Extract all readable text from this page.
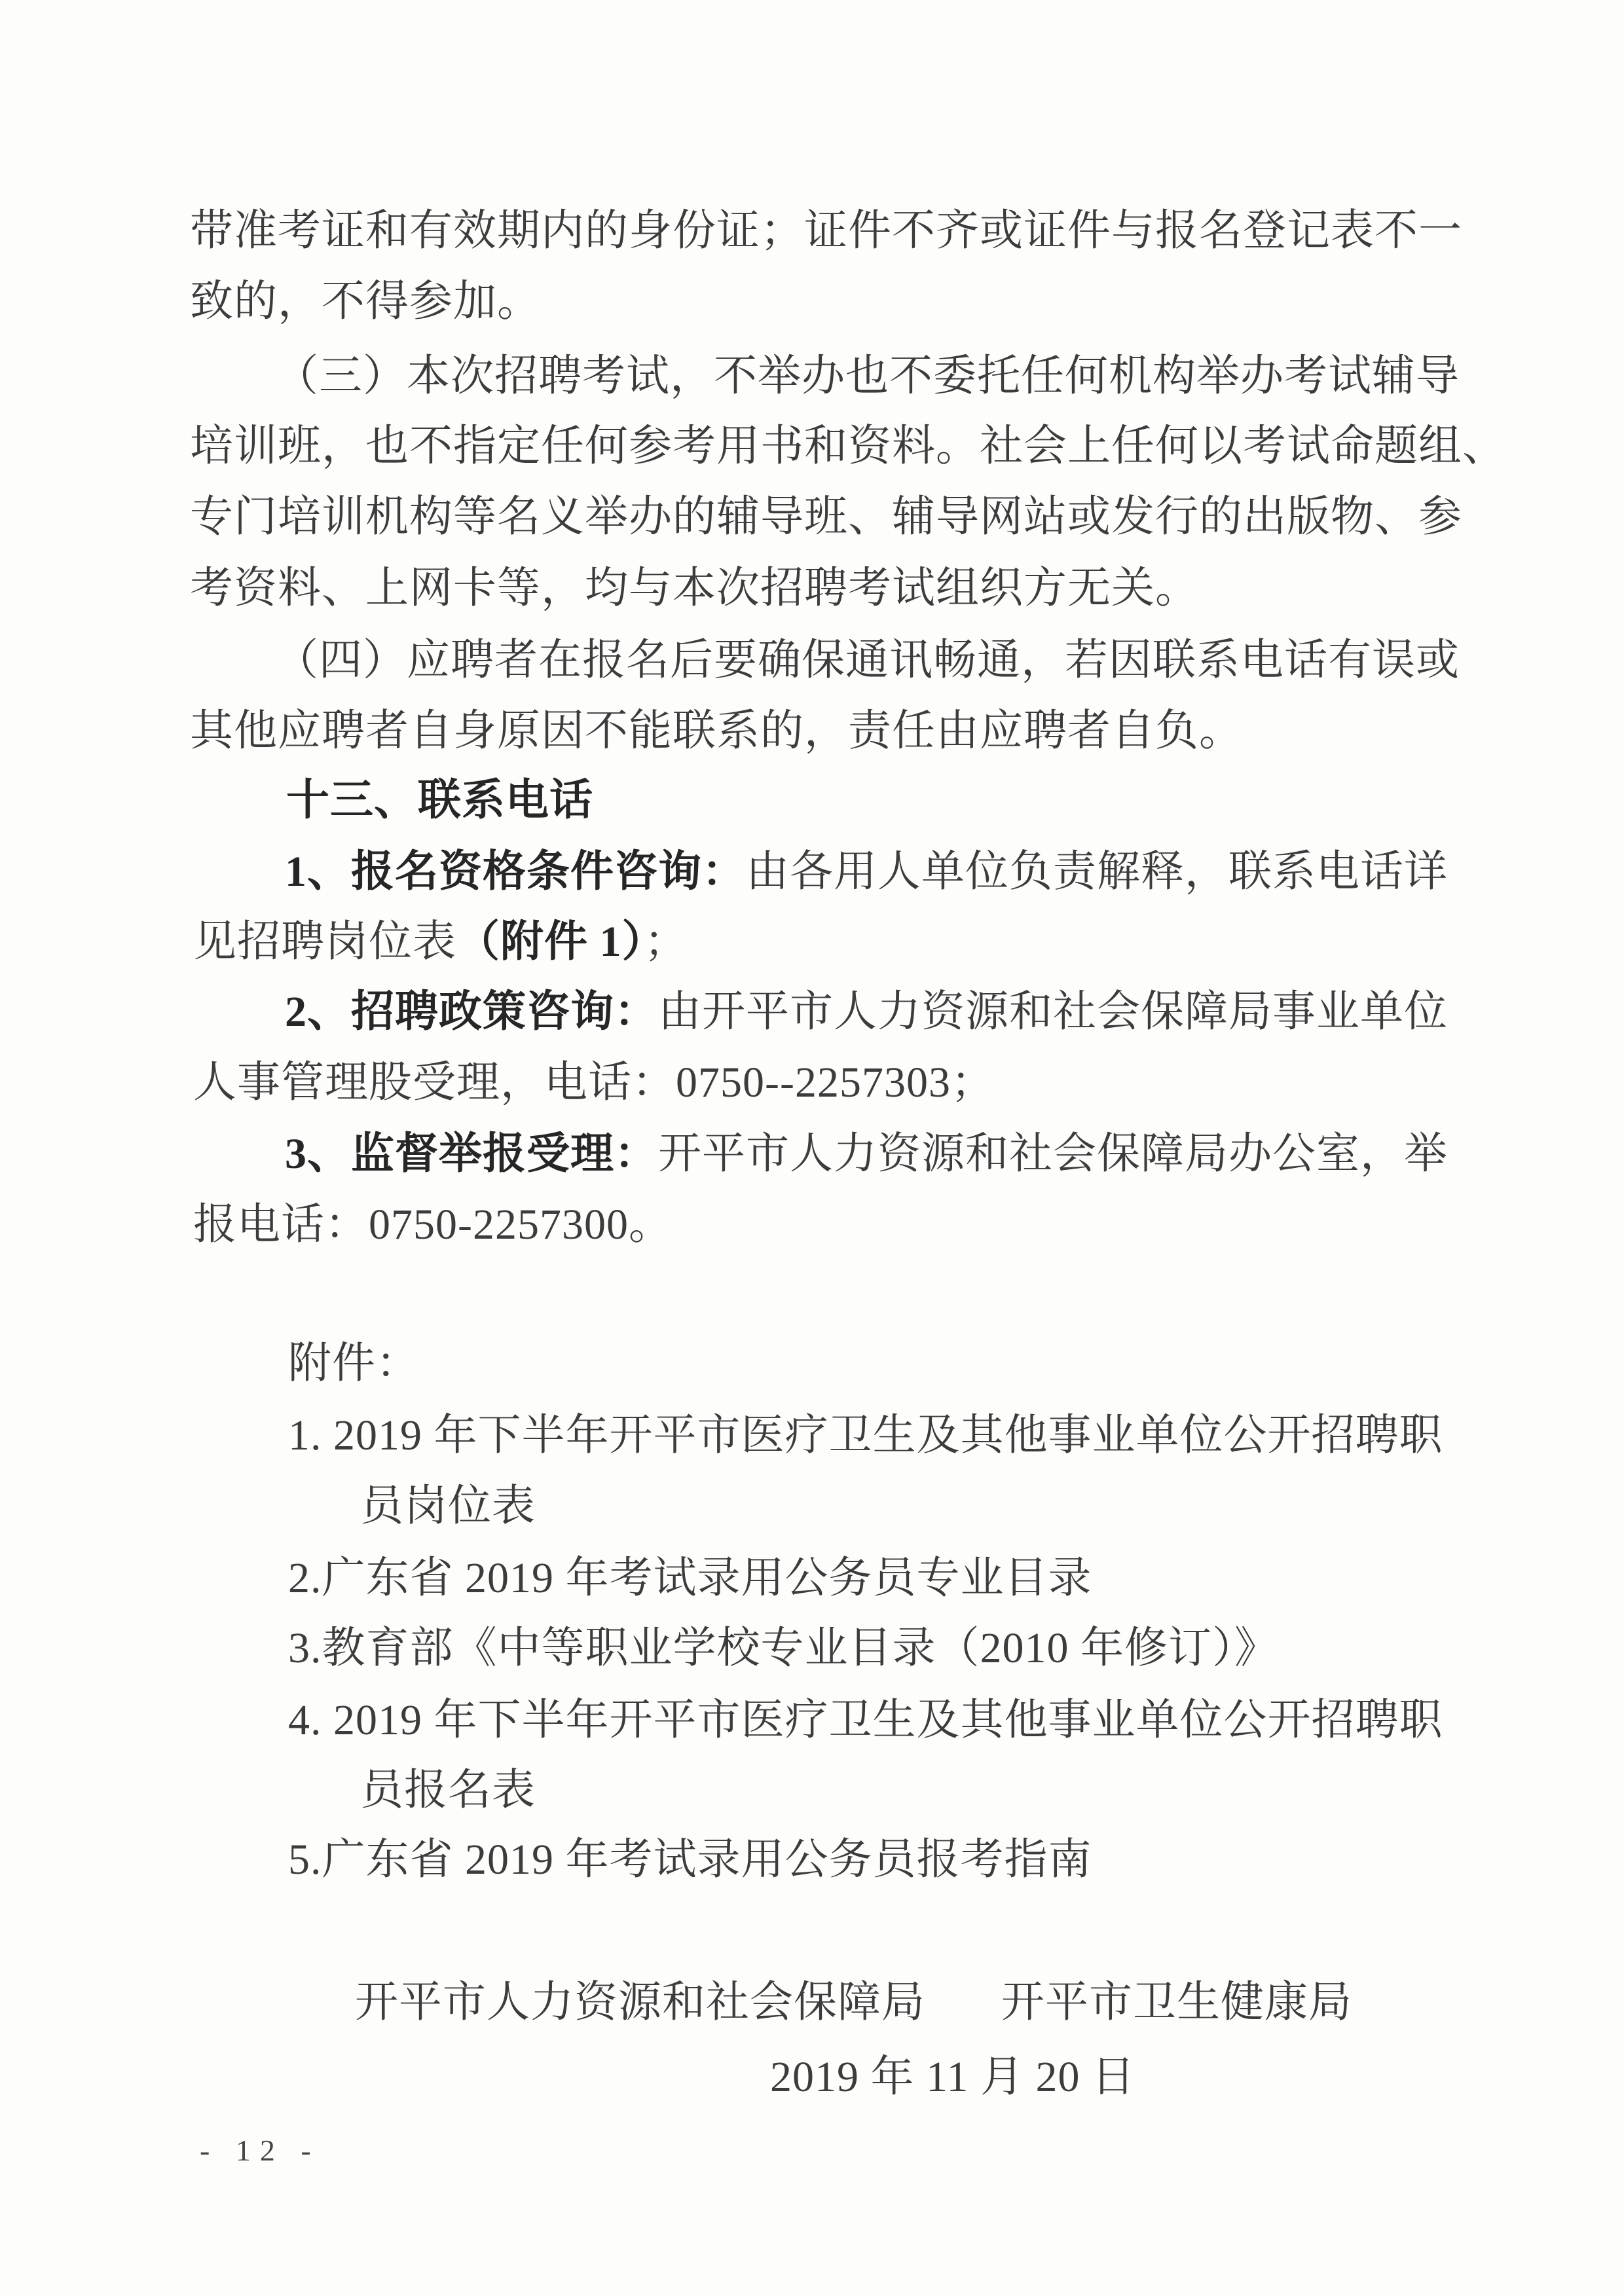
带准考证和有效期内的身份证；证件不齐或证件与报名登记表不一
致的，不得参加。
（三）本次招聘考试，不举办也不委托任何机构举办考试辅导
培训班，也不指定任何参考用书和资料。社会上任何以考试命题组、
专门培训机构等名义举办的辅导班、辅导网站或发行的出版物、参
考资料、上网卡等，均与本次招聘考试组织方无关。
（四）应聘者在报名后要确保通讯畅通，若因联系电话有误或
其他应聘者自身原因不能联系的，责任由应聘者自负。
十三、联系电话
1、报名资格条件咨询：由各用人单位负责解释，联系电话详
见招聘岗位表（附件 1）；
2、招聘政策咨询：由开平市人力资源和社会保障局事业单位
人事管理股受理，电话：0750--2257303；
3、监督举报受理：开平市人力资源和社会保障局办公室，举
报电话：0750-2257300。
附件：
1. 2019 年下半年开平市医疗卫生及其他事业单位公开招聘职
员岗位表
2.广东省 2019 年考试录用公务员专业目录
3.教育部《中等职业学校专业目录（2010 年修订）》
4. 2019 年下半年开平市医疗卫生及其他事业单位公开招聘职
员报名表
5.广东省 2019 年考试录用公务员报考指南
开平市人力资源和社会保障局 开平市卫生健康局
2019 年 11 月 20 日
- 12 -
